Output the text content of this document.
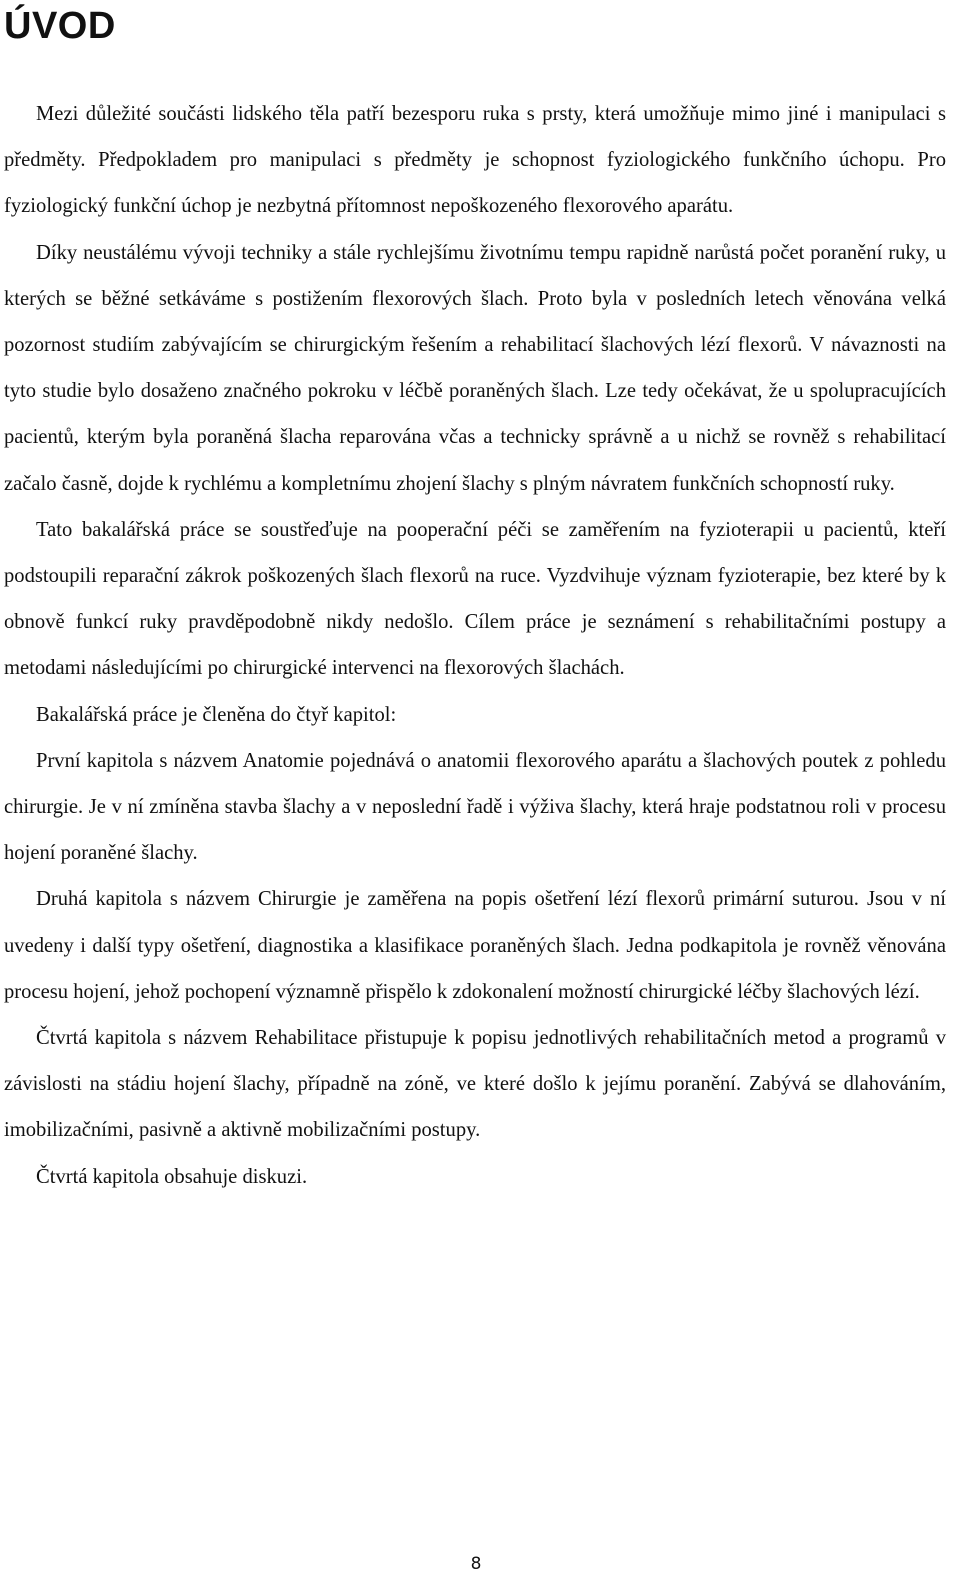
ÚVOD

Mezi důležité součásti lidského těla patří bezesporu ruka s prsty, která umožňuje mimo jiné i manipulaci s předměty. Předpokladem pro manipulaci s předměty je schopnost fyziologického funkčního úchopu. Pro fyziologický funkční úchop je nezbytná přítomnost nepoškozeného flexorového aparátu.

Díky neustálému vývoji techniky a stále rychlejšímu životnímu tempu rapidně narůstá počet poranění ruky, u kterých se běžné setkáváme s postižením flexorových šlach. Proto byla v posledních letech věnována velká pozornost studiím zabývajícím se chirurgickým řešením a rehabilitací šlachových lézí flexorů. V návaznosti na tyto studie bylo dosaženo značného pokroku v léčbě poraněných šlach. Lze tedy očekávat, že u spolupracujících pacientů, kterým byla poraněná šlacha reparována včas a technicky správně a u nichž se rovněž s rehabilitací začalo časně, dojde k rychlému a kompletnímu zhojení šlachy s plným návratem funkčních schopností ruky.

Tato bakalářská práce se soustřeďuje na pooperační péči se zaměřením na fyzioterapii u pacientů, kteří podstoupili reparační zákrok poškozených šlach flexorů na ruce. Vyzdvihuje význam fyzioterapie, bez které by k obnově funkcí ruky pravděpodobně nikdy nedošlo. Cílem práce je seznámení s rehabilitačními postupy a metodami následujícími po chirurgické intervenci na flexorových šlachách.

Bakalářská práce je členěna do čtyř kapitol:

První kapitola s názvem Anatomie pojednává o anatomii flexorového aparátu a šlachových poutek z pohledu chirurgie. Je v ní zmíněna stavba šlachy a v neposlední řadě i výživa šlachy, která hraje podstatnou roli v procesu hojení poraněné šlachy.

Druhá kapitola s názvem Chirurgie je zaměřena na popis ošetření lézí flexorů primární suturou. Jsou v ní uvedeny i další typy ošetření, diagnostika a klasifikace poraněných šlach. Jedna podkapitola je rovněž věnována procesu hojení, jehož pochopení významně přispělo k zdokonalení možností chirurgické léčby šlachových lézí.

Čtvrtá kapitola s názvem Rehabilitace přistupuje k popisu jednotlivých rehabilitačních metod a programů v závislosti na stádiu hojení šlachy, případně na zóně, ve které došlo k jejímu poranění. Zabývá se dlahováním, imobilizačními, pasivně a aktivně mobilizačními postupy.

Čtvrtá kapitola obsahuje diskuzi.

8
